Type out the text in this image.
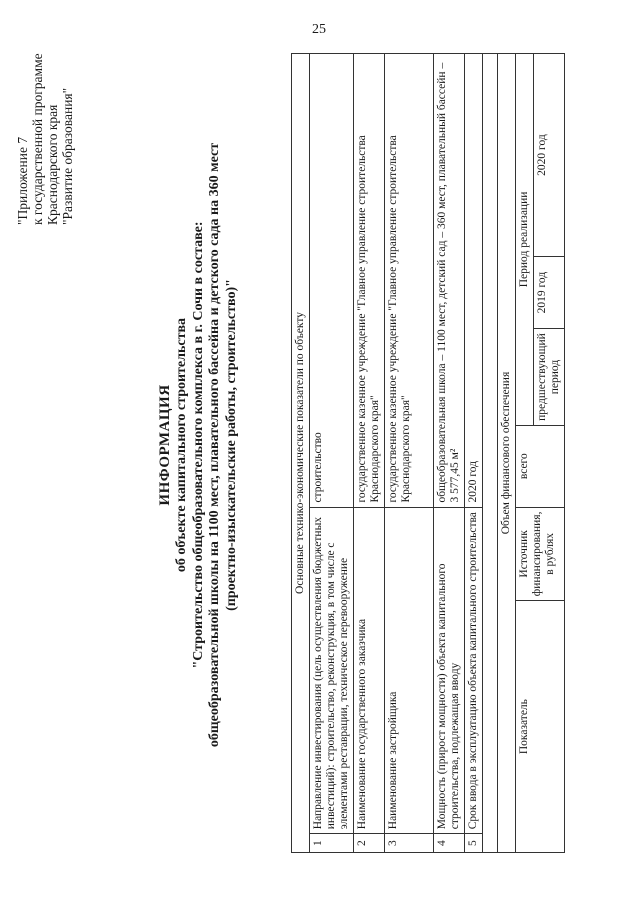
25
"Приложение 7 к государственной программе Краснодарского края "Развитие образования"
ИНФОРМАЦИЯ об объекте капитального строительства "Строительство общеобразовательного комплекса в г. Сочи в составе: общеобразовательной школы на 1100 мест, плавательного бассейна и детского сада на 360 мест (проектно-изыскательские работы, строительство)"	Основные технико-экономические показатели по объекту						
1	Направление инвестирования (цель осуществления бюджетных инвестиций): строительство, реконструкция, в том числе с элементами реставрации, техническое перевооружение		строительство			
2	Наименование государственного заказчика		государственное казенное учреждение "Главное управление строительства Краснодарского края"			
3	Наименование застройщика		государственное казенное учреждение "Главное управление строительства Краснодарского края"			
4	Мощность (прирост мощности) объекта капитального строительства, подлежащая вводу		общеобразовательная школа – 1100 мест, детский сад – 360 мест, плавательный бассейн – 3 577,45 м²			
5	Срок ввода в эксплуатацию объекта капитального строительства		2020 год			

Объем финансового обеспечения						
Показатель		Источник финансирования, в рублях	всего	Период реализации		
				предшествующий период	2019 год	2020 год
